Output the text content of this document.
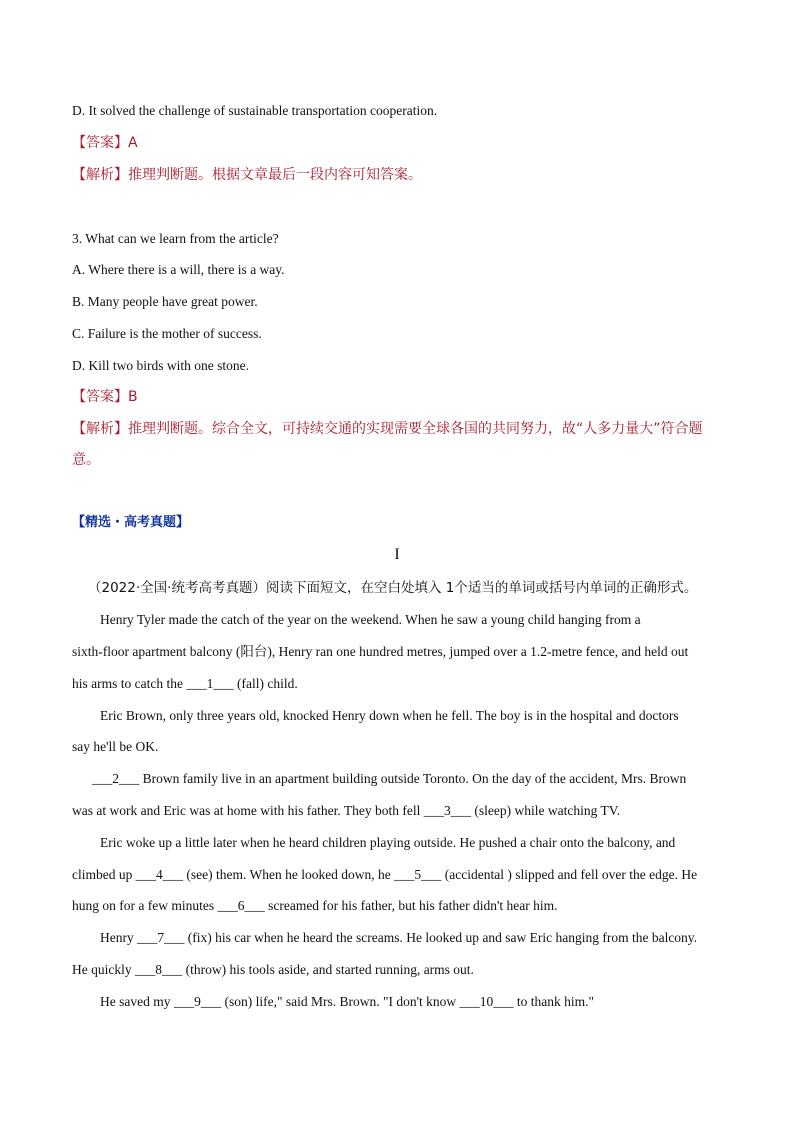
D. It solved the challenge of sustainable transportation cooperation.
【答案】A
【解析】推理判断题。根据文章最后一段内容可知答案。
3. What can we learn from the article?
A. Where there is a will, there is a way.
B. Many people have great power.
C. Failure is the mother of success.
D. Kill two birds with one stone.
【答案】B
【解析】推理判断题。综合全文，可持续交通的实现需要全球各国的共同努力，故“人多力量大”符合题意。
【精选・高考真题】
I
（2022·全国·统考高考真题）阅读下面短文，在空白处填入 1个适当的单词或括号内单词的正确形式。
Henry Tyler made the catch of the year on the weekend. When he saw a young child hanging from a
sixth-floor apartment balcony (阳台), Henry ran one hundred metres, jumped over a 1.2-metre fence, and held out
his arms to catch the ___1___ (fall) child.
Eric Brown, only three years old, knocked Henry down when he fell. The boy is in the hospital and doctors
say he'll be OK.
___2___ Brown family live in an apartment building outside Toronto. On the day of the accident, Mrs. Brown
was at work and Eric was at home with his father. They both fell ___3___ (sleep) while watching TV.
Eric woke up a little later when he heard children playing outside. He pushed a chair onto the balcony, and
climbed up ___4___ (see) them. When he looked down, he ___5___ (accidental ) slipped and fell over the edge. He
hung on for a few minutes ___6___ screamed for his father, but his father didn't hear him.
Henry ___7___ (fix) his car when he heard the screams. He looked up and saw Eric hanging from the balcony.
He quickly ___8___ (throw) his tools aside, and started running, arms out.
He saved my ___9___ (son) life," said Mrs. Brown. "I don't know ___10___ to thank him."
